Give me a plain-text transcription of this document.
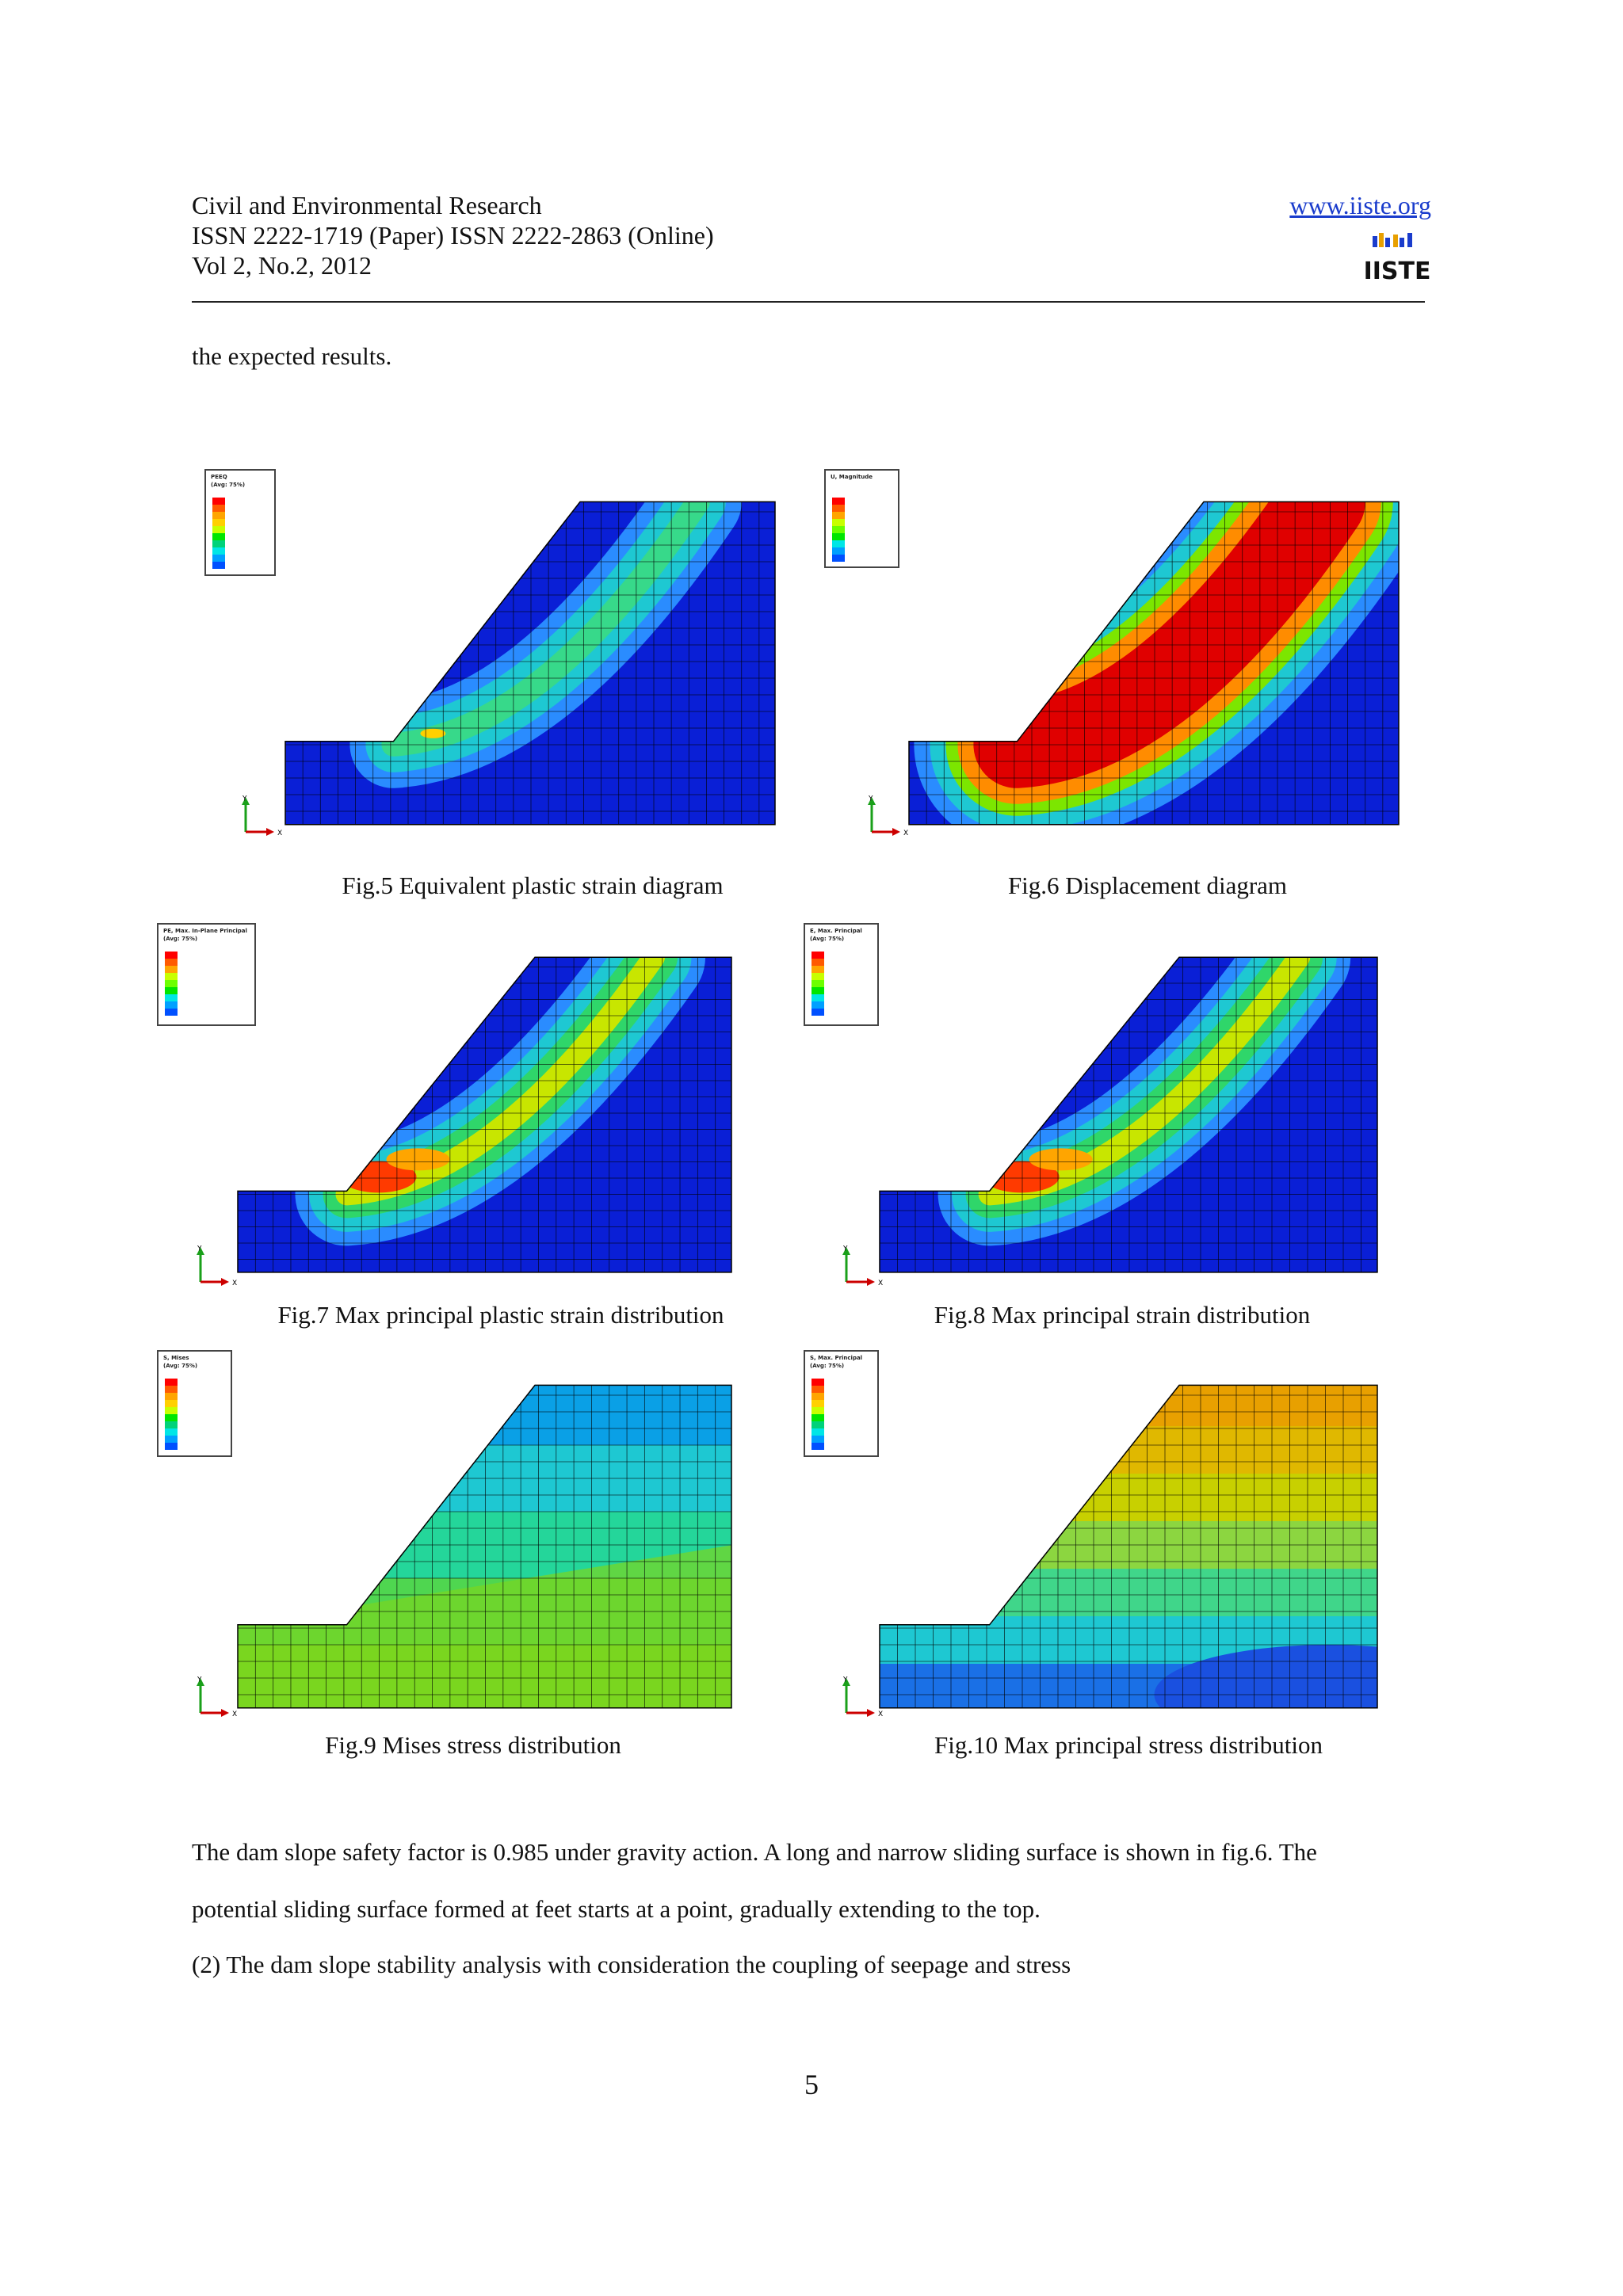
Civil and Environmental Research
ISSN 2222-1719 (Paper) ISSN 2222-2863 (Online)
Vol 2, No.2, 2012
www.iiste.org
IISTE
the expected results.
Fig.5 Equivalent plastic strain diagram	Fig.6 Displacement diagram
Fig.7 Max principal plastic strain distribution	Fig.8 Max principal strain distribution
Fig.9 Mises stress distribution	Fig.10 Max principal stress distribution
The dam slope safety factor is 0.985 under gravity action. A long and narrow sliding surface is shown in fig.6. The
potential sliding surface formed at feet starts at a point, gradually extending to the top.
(2) The dam slope stability analysis with consideration the coupling of seepage and stress
5
PEEQ
(Avg: 75%)
Y
X
U, Magnitude
Y
X
PE, Max. In-Plane Principal
(Avg: 75%)
Y
X
E, Max. Principal
(Avg: 75%)
Y
X
S, Mises
(Avg: 75%)
Y
X
S, Max. Principal
(Avg: 75%)
Y
X
